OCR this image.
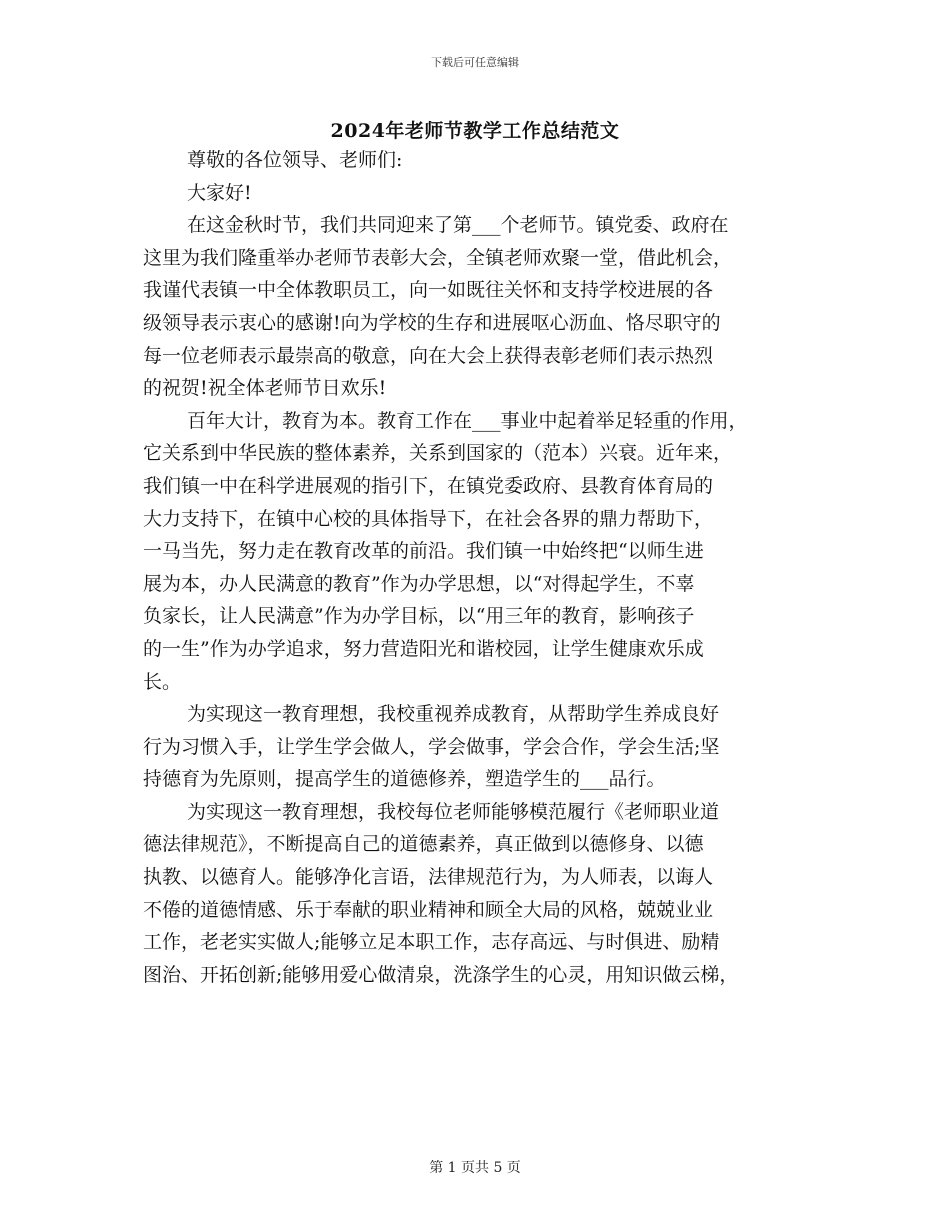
下载后可任意编辑
2024年老师节教学工作总结范文
尊敬的各位领导、老师们:
大家好!
在这金秋时节，我们共同迎来了第___个老师节。镇党委、政府在
这里为我们隆重举办老师节表彰大会，全镇老师欢聚一堂，借此机会，
我谨代表镇一中全体教职员工，向一如既往关怀和支持学校进展的各
级领导表示衷心的感谢!向为学校的生存和进展呕心沥血、恪尽职守的
每一位老师表示最崇高的敬意，向在大会上获得表彰老师们表示热烈
的祝贺!祝全体老师节日欢乐!
百年大计，教育为本。教育工作在___事业中起着举足轻重的作用，
它关系到中华民族的整体素养，关系到国家的（范本）兴衰。近年来，
我们镇一中在科学进展观的指引下，在镇党委政府、县教育体育局的
大力支持下，在镇中心校的具体指导下，在社会各界的鼎力帮助下，
一马当先，努力走在教育改革的前沿。我们镇一中始终把“以师生进
展为本，办人民满意的教育”作为办学思想，以“对得起学生，不辜
负家长，让人民满意”作为办学目标，以“用三年的教育，影响孩子
的一生”作为办学追求，努力营造阳光和谐校园，让学生健康欢乐成
长。
为实现这一教育理想，我校重视养成教育，从帮助学生养成良好
行为习惯入手，让学生学会做人，学会做事，学会合作，学会生活;坚
持德育为先原则，提高学生的道德修养，塑造学生的___品行。
为实现这一教育理想，我校每位老师能够模范履行《老师职业道
德法律规范》，不断提高自己的道德素养，真正做到以德修身、以德
执教、以德育人。能够净化言语，法律规范行为，为人师表，以诲人
不倦的道德情感、乐于奉献的职业精神和顾全大局的风格，兢兢业业
工作，老老实实做人;能够立足本职工作，志存高远、与时俱进、励精
图治、开拓创新;能够用爱心做清泉，洗涤学生的心灵，用知识做云梯，
第 1 页共 5 页
